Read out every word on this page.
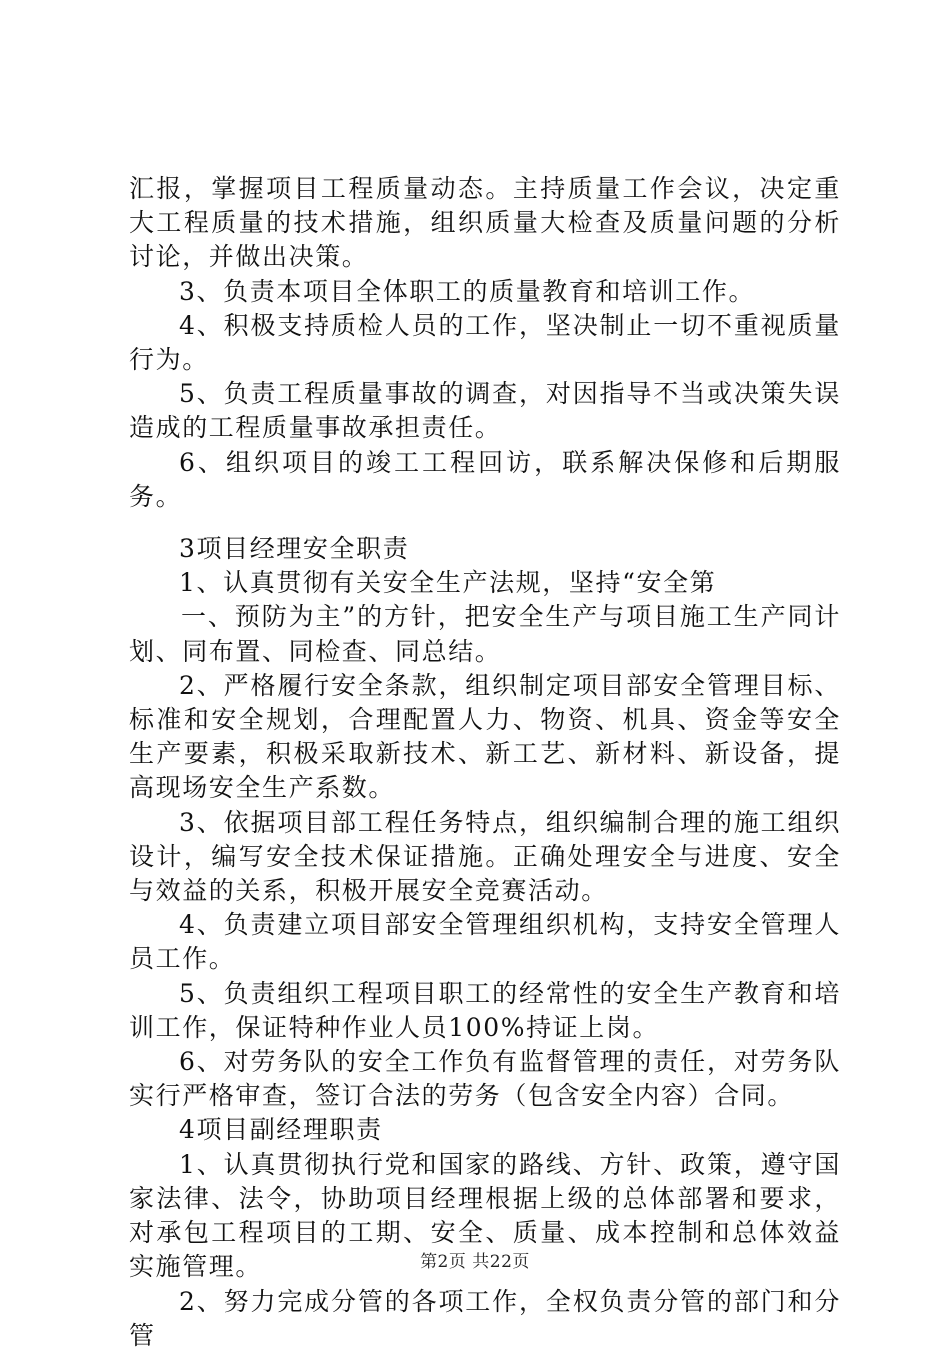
汇报，掌握项目工程质量动态。主持质量工作会议，决定重大工程质量的技术措施，组织质量大检查及质量问题的分析讨论，并做出决策。

3、负责本项目全体职工的质量教育和培训工作。

4、积极支持质检人员的工作，坚决制止一切不重视质量行为。

5、负责工程质量事故的调查，对因指导不当或决策失误造成的工程质量事故承担责任。

6、组织项目的竣工工程回访，联系解决保修和后期服务。

3项目经理安全职责

1、认真贯彻有关安全生产法规，坚持“安全第

一、预防为主”的方针，把安全生产与项目施工生产同计划、同布置、同检查、同总结。

2、严格履行安全条款，组织制定项目部安全管理目标、标准和安全规划，合理配置人力、物资、机具、资金等安全生产要素，积极采取新技术、新工艺、新材料、新设备，提高现场安全生产系数。

3、依据项目部工程任务特点，组织编制合理的施工组织设计，编写安全技术保证措施。正确处理安全与进度、安全与效益的关系，积极开展安全竞赛活动。

4、负责建立项目部安全管理组织机构，支持安全管理人员工作。

5、负责组织工程项目职工的经常性的安全生产教育和培训工作，保证特种作业人员100%持证上岗。

6、对劳务队的安全工作负有监督管理的责任，对劳务队实行严格审查，签订合法的劳务（包含安全内容）合同。

4项目副经理职责

1、认真贯彻执行党和国家的路线、方针、政策，遵守国家法律、法令，协助项目经理根据上级的总体部署和要求，对承包工程项目的工期、安全、质量、成本控制和总体效益实施管理。

2、努力完成分管的各项工作，全权负责分管的部门和分管

第2页 共22页
